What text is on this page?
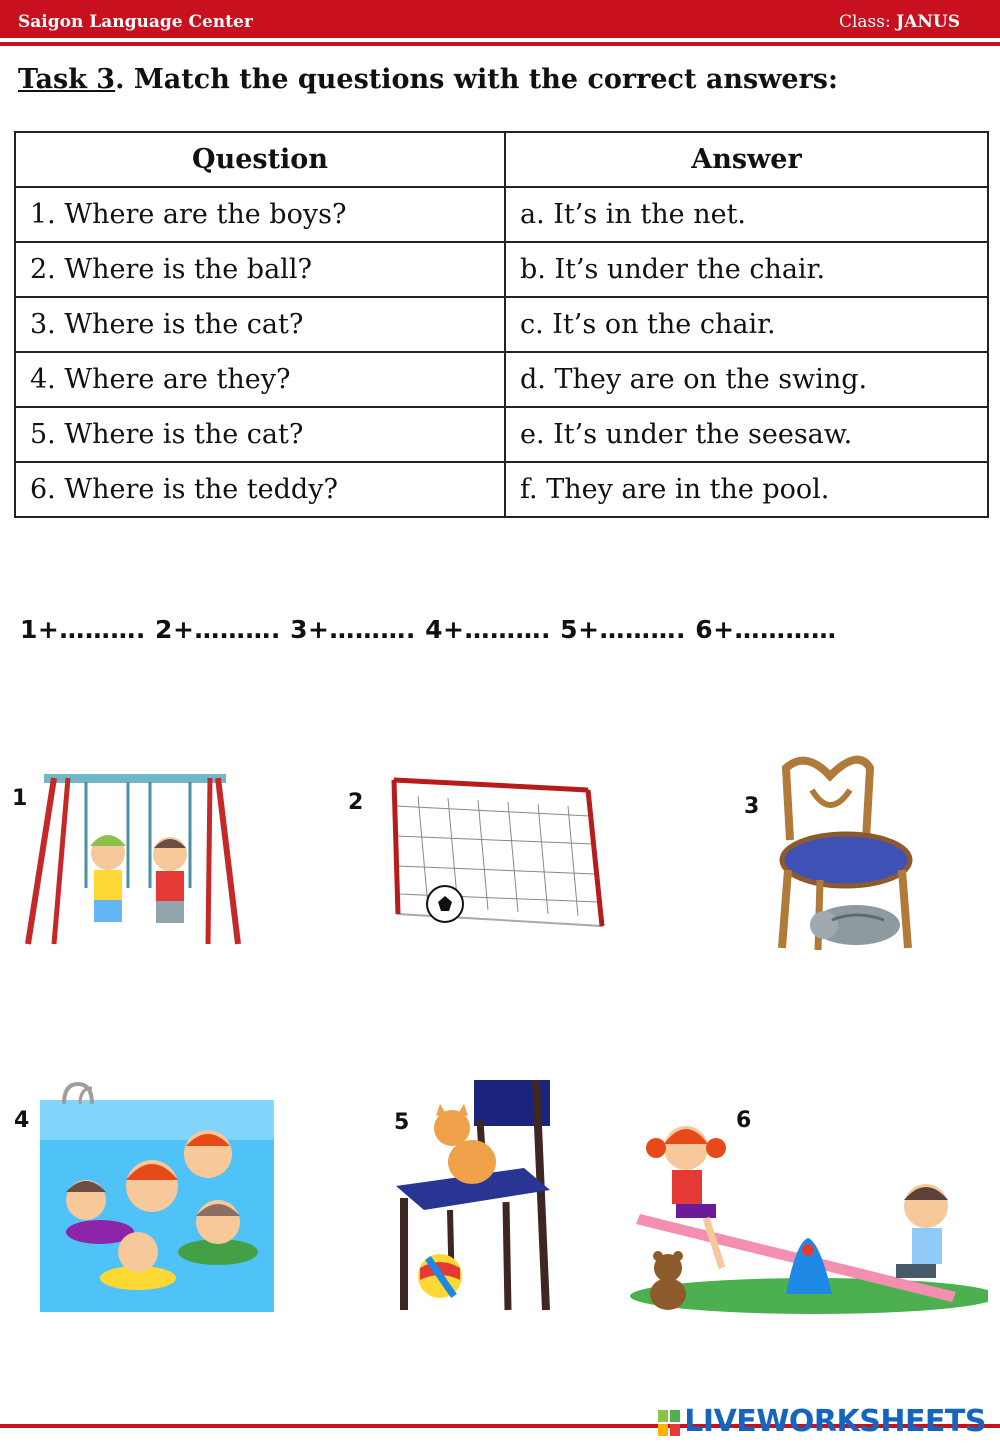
Saigon Language Center	Class: JANUS
Task 3. Match the questions with the correct answers:
Question	Answer
1. Where are the boys?	a. It’s in the net.
2. Where is the ball?	b. It’s under the chair.
3. Where is the cat?	c. It’s on the chair.
4. Where are they?	d. They are on the swing.
5. Where is the cat?	e. It’s under the seesaw.
6. Where is the teddy?	f. They are in the pool.
1+………. 2+………. 3+………. 4+………. 5+………. 6+…………
1	2	3
4	5	6
LIVEWORKSHEETS
